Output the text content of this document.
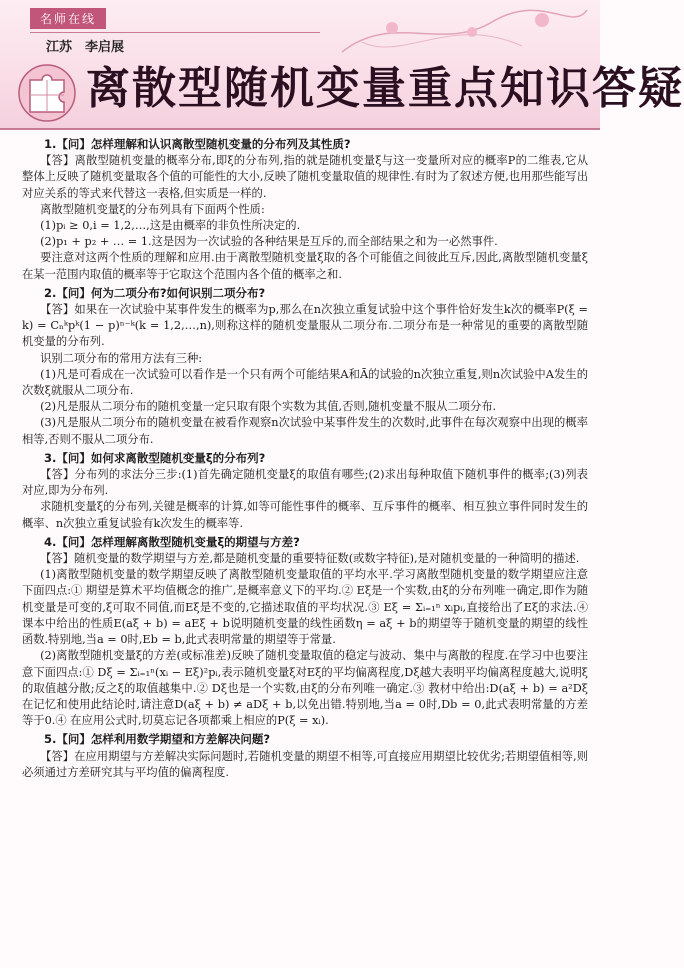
名师在线
江苏　李启展
离散型随机变量重点知识答疑
1.【问】怎样理解和认识离散型随机变量的分布列及其性质?

【答】离散型随机变量的概率分布,即ξ的分布列,指的就是随机变量ξ与这一变量所对应的概率P的二维表,它从整体上反映了随机变量取各个值的可能性的大小,反映了随机变量取值的规律性.有时为了叙述方便,也用那些能写出对应关系的等式来代替这一表格,但实质是一样的.

离散型随机变量ξ的分布列具有下面两个性质:

(1)pᵢ ≥ 0,i = 1,2,…,这是由概率的非负性所决定的.

(2)p₁ + p₂ + … = 1.这是因为一次试验的各种结果是互斥的,而全部结果之和为一必然事件.

要注意对这两个性质的理解和应用.由于离散型随机变量ξ取的各个可能值之间彼此互斥,因此,离散型随机变量ξ在某一范围内取值的概率等于它取这个范围内各个值的概率之和.

2.【问】何为二项分布?如何识别二项分布?

【答】如果在一次试验中某事件发生的概率为p,那么在n次独立重复试验中这个事件恰好发生k次的概率P(ξ = k) = Cₙᵏpᵏ(1 − p)ⁿ⁻ᵏ(k = 1,2,…,n),则称这样的随机变量服从二项分布.二项分布是一种常见的重要的离散型随机变量的分布列.

识别二项分布的常用方法有三种:

(1)凡是可看成在一次试验可以看作是一个只有两个可能结果A和Ā的试验的n次独立重复,则n次试验中A发生的次数ξ就服从二项分布.

(2)凡是服从二项分布的随机变量一定只取有限个实数为其值,否则,随机变量不服从二项分布.

(3)凡是服从二项分布的随机变量在被看作观察n次试验中某事件发生的次数时,此事件在每次观察中出现的概率相等,否则不服从二项分布.

3.【问】如何求离散型随机变量ξ的分布列?

【答】分布列的求法分三步:(1)首先确定随机变量ξ的取值有哪些;(2)求出每种取值下随机事件的概率;(3)列表对应,即为分布列.

求随机变量ξ的分布列,关键是概率的计算,如等可能性事件的概率、互斥事件的概率、相互独立事件同时发生的概率、n次独立重复试验有k次发生的概率等.

4.【问】怎样理解离散型随机变量ξ的期望与方差?

【答】随机变量的数学期望与方差,都是随机变量的重要特征数(或数字特征),是对随机变量的一种简明的描述.

(1)离散型随机变量的数学期望反映了离散型随机变量取值的平均水平.学习离散型随机变量的数学期望应注意下面四点:① 期望是算术平均值概念的推广,是概率意义下的平均.② Eξ是一个实数,由ξ的分布列唯一确定,即作为随机变量是可变的,ξ可取不同值,而Eξ是不变的,它描述取值的平均状况.③ Eξ = Σᵢ₌₁ⁿ xᵢpᵢ,直接给出了Eξ的求法.④ 课本中给出的性质E(aξ + b) = aEξ + b说明随机变量的线性函数η = aξ + b的期望等于随机变量的期望的线性函数.特别地,当a = 0时,Eb = b,此式表明常量的期望等于常量.

(2)离散型随机变量ξ的方差(或标准差)反映了随机变量取值的稳定与波动、集中与离散的程度.在学习中也要注意下面四点:① Dξ = Σᵢ₌₁ⁿ(xᵢ − Eξ)²pᵢ,表示随机变量ξ对Eξ的平均偏离程度,Dξ越大表明平均偏离程度越大,说明ξ的取值越分散;反之ξ的取值越集中.② Dξ也是一个实数,由ξ的分布列唯一确定.③ 教材中给出:D(aξ + b) = a²Dξ在记忆和使用此结论时,请注意D(aξ + b) ≠ aDξ + b,以免出错.特别地,当a = 0时,Db = 0,此式表明常量的方差等于0.④ 在应用公式时,切莫忘记各项都乘上相应的P(ξ = xᵢ).

5.【问】怎样利用数学期望和方差解决问题?

【答】在应用期望与方差解决实际问题时,若随机变量的期望不相等,可直接应用期望比较优劣;若期望值相等,则必须通过方差研究其与平均值的偏离程度.
